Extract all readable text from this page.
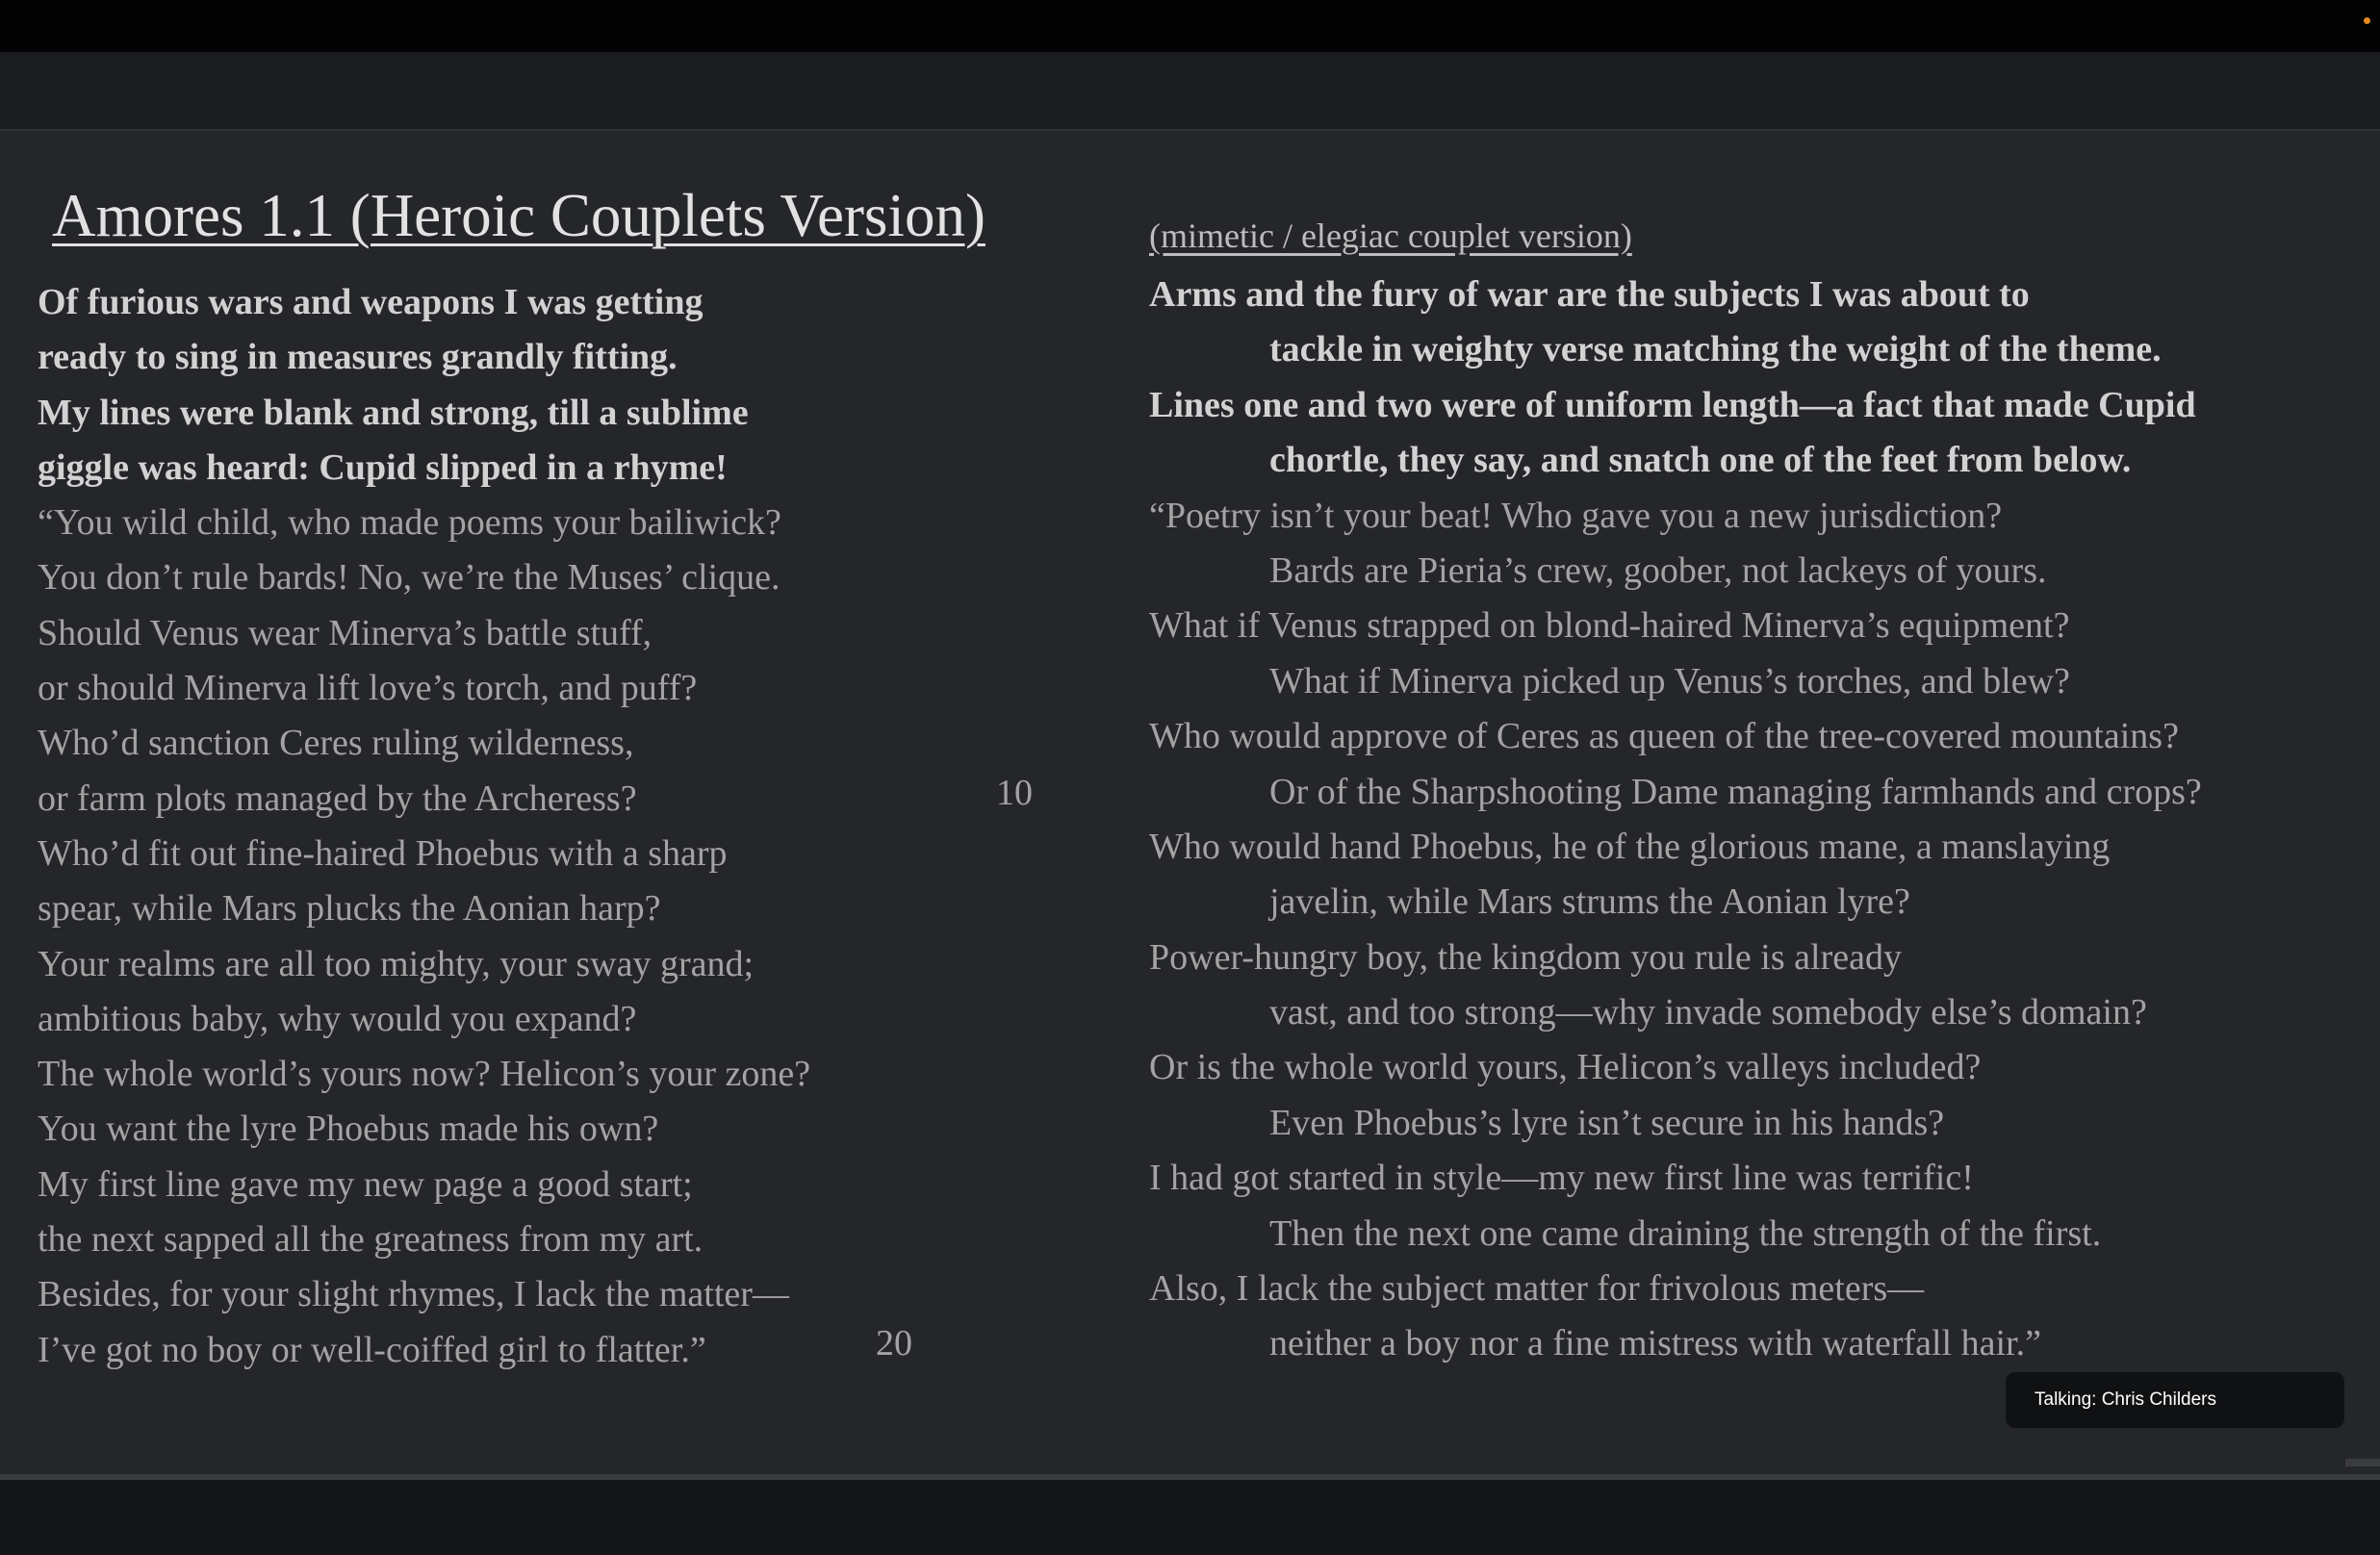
Amores 1.1 (Heroic Couplets Version)	(mimetic / elegiac couplet version)
Of furious wars and weapons I was getting
ready to sing in measures grandly fitting.
My lines were blank and strong, till a sublime
giggle was heard: Cupid slipped in a rhyme!
“You wild child, who made poems your bailiwick?
You don’t rule bards! No, we’re the Muses’ clique.
Should Venus wear Minerva’s battle stuff,
or should Minerva lift love’s torch, and puff?
Who’d sanction Ceres ruling wilderness,
or farm plots managed by the Archeress?
Who’d fit out fine-haired Phoebus with a sharp
spear, while Mars plucks the Aonian harp?
Your realms are all too mighty, your sway grand;
ambitious baby, why would you expand?
The whole world’s yours now? Helicon’s your zone?
You want the lyre Phoebus made his own?
My first line gave my new page a good start;
the next sapped all the greatness from my art.
Besides, for your slight rhymes, I lack the matter—
I’ve got no boy or well-coiffed girl to flatter.”
10
20
Arms and the fury of war are the subjects I was about to
tackle in weighty verse matching the weight of the theme.
Lines one and two were of uniform length—a fact that made Cupid
chortle, they say, and snatch one of the feet from below.
“Poetry isn’t your beat! Who gave you a new jurisdiction?
Bards are Pieria’s crew, goober, not lackeys of yours.
What if Venus strapped on blond-haired Minerva’s equipment?
What if Minerva picked up Venus’s torches, and blew?
Who would approve of Ceres as queen of the tree-covered mountains?
Or of the Sharpshooting Dame managing farmhands and crops?
Who would hand Phoebus, he of the glorious mane, a manslaying
javelin, while Mars strums the Aonian lyre?
Power-hungry boy, the kingdom you rule is already
vast, and too strong—why invade somebody else’s domain?
Or is the whole world yours, Helicon’s valleys included?
Even Phoebus’s lyre isn’t secure in his hands?
I had got started in style—my new first line was terrific!
Then the next one came draining the strength of the first.
Also, I lack the subject matter for frivolous meters—
neither a boy nor a fine mistress with waterfall hair.”
Talking: Chris Childers
